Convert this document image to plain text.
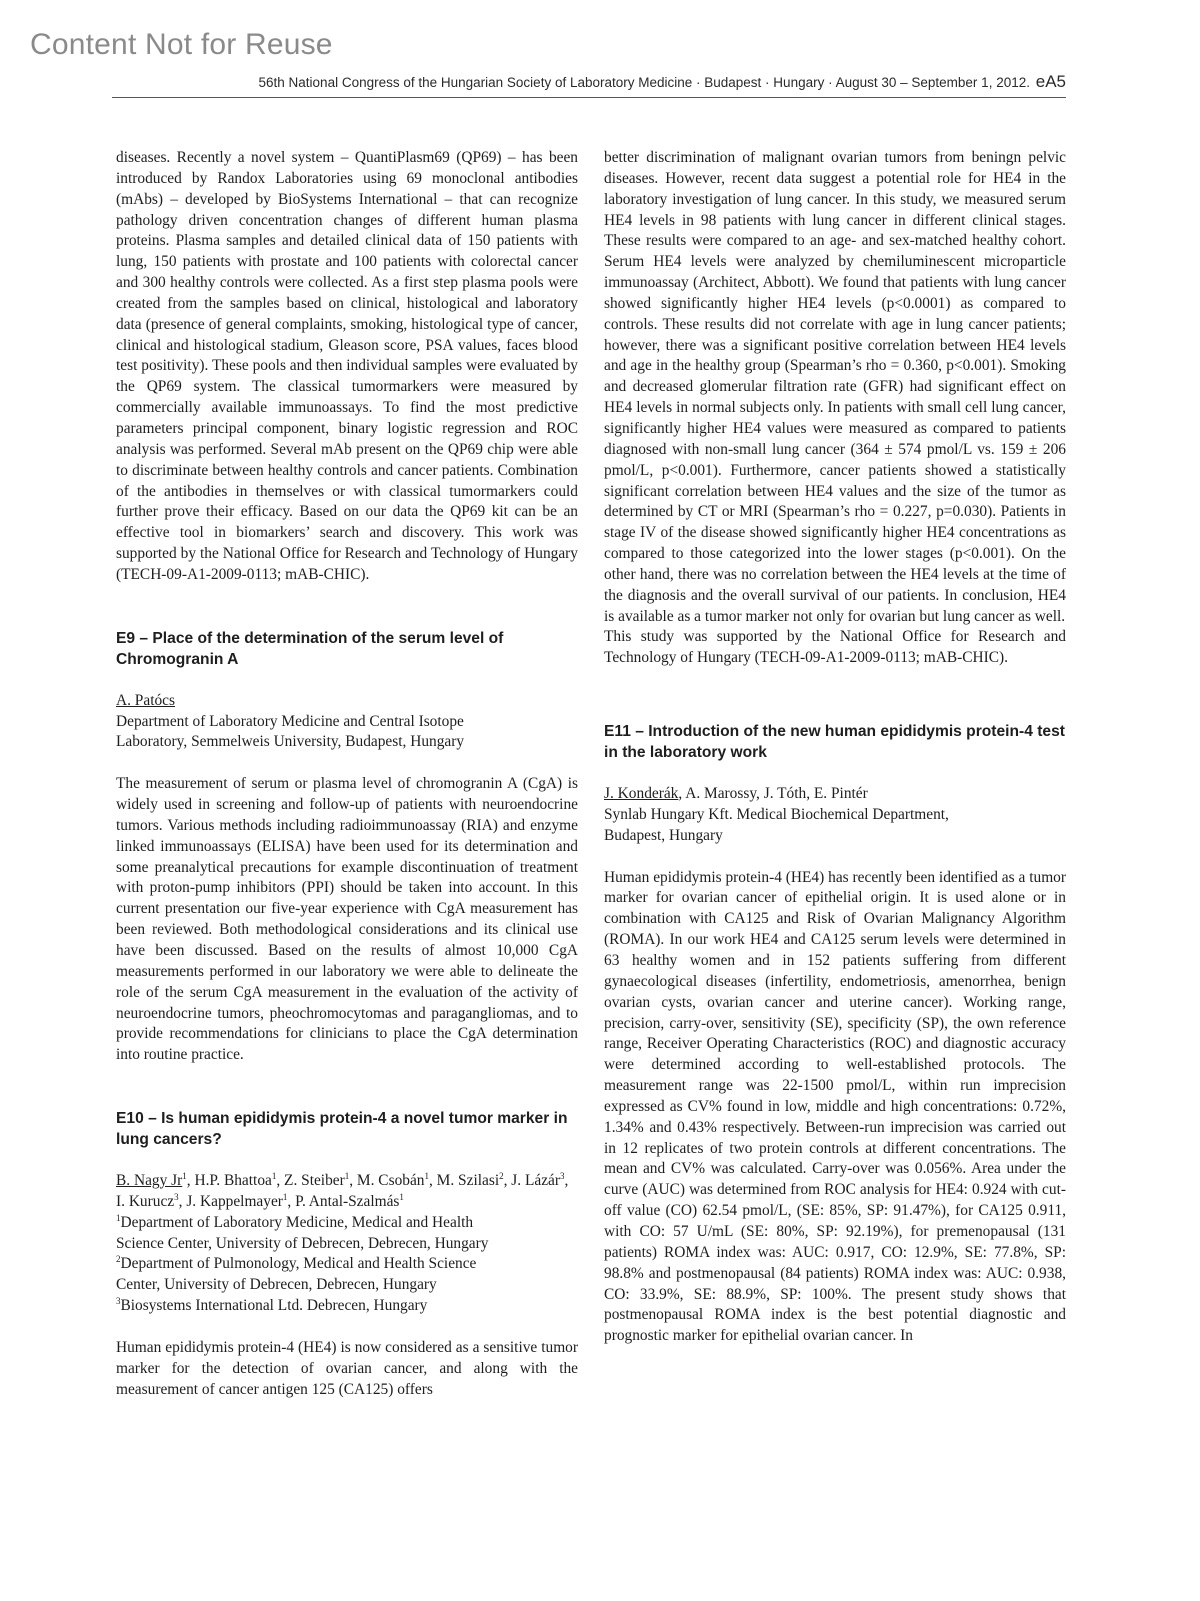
Content Not for Reuse
56th National Congress of the Hungarian Society of Laboratory Medicine · Budapest · Hungary · August 30 – September 1, 2012. eA5

diseases. Recently a novel system – QuantiPlasm69 (QP69) – has been introduced by Randox Laboratories using 69 monoclonal antibodies (mAbs) – developed by BioSystems International – that can recognize pathology driven concentration changes of different human plasma proteins. Plasma samples and detailed clinical data of 150 patients with lung, 150 patients with prostate and 100 patients with colorectal cancer and 300 healthy controls were collected. As a first step plasma pools were created from the samples based on clinical, histological and laboratory data (presence of general complaints, smoking, histological type of cancer, clinical and histological stadium, Gleason score, PSA values, faces blood test positivity). These pools and then individual samples were evaluated by the QP69 system. The classical tumormarkers were measured by commercially available immunoassays. To find the most predictive parameters principal component, binary logistic regression and ROC analysis was performed. Several mAb present on the QP69 chip were able to discriminate between healthy controls and cancer patients. Combination of the antibodies in themselves or with classical tumormarkers could further prove their efficacy. Based on our data the QP69 kit can be an effective tool in biomarkers’ search and discovery. This work was supported by the National Office for Research and Technology of Hungary (TECH-09-A1-2009-0113; mAB-CHIC).

E9 – Place of the determination of the serum level of Chromogranin A

A. Patócs

Department of Laboratory Medicine and Central Isotope

Laboratory, Semmelweis University, Budapest, Hungary

The measurement of serum or plasma level of chromogranin A (CgA) is widely used in screening and follow-up of patients with neuroendocrine tumors. Various methods including radioimmunoassay (RIA) and enzyme linked immunoassays (ELISA) have been used for its determination and some preanalytical precautions for example discontinuation of treatment with proton-pump inhibitors (PPI) should be taken into account. In this current presentation our five-year experience with CgA measurement has been reviewed. Both methodological considerations and its clinical use have been discussed. Based on the results of almost 10,000 CgA measurements performed in our laboratory we were able to delineate the role of the serum CgA measurement in the evaluation of the activity of neuroendocrine tumors, pheochromocytomas and paragangliomas, and to provide recommendations for clinicians to place the CgA determination into routine practice.

E10 – Is human epididymis protein-4 a novel tumor marker in lung cancers?

B. Nagy Jr$^1$, H.P. Bhattoa$^1$, Z. Steiber$^1$, M. Csobán$^1$, M. Szilasi$^2$, J. Lázár$^3$, I. Kurucz$^3$, J. Kappelmayer$^1$, P. Antal-Szalmás$^1$

$^1$Department of Laboratory Medicine, Medical and Health

Science Center, University of Debrecen, Debrecen, Hungary

$^2$Department of Pulmonology, Medical and Health Science

Center, University of Debrecen, Debrecen, Hungary

$^3$Biosystems International Ltd. Debrecen, Hungary

Human epididymis protein-4 (HE4) is now considered as a sensitive tumor marker for the detection of ovarian cancer, and along with the measurement of cancer antigen 125 (CA125) offers

better discrimination of malignant ovarian tumors from beningn pelvic diseases. However, recent data suggest a potential role for HE4 in the laboratory investigation of lung cancer. In this study, we measured serum HE4 levels in 98 patients with lung cancer in different clinical stages. These results were compared to an age- and sex-matched healthy cohort. Serum HE4 levels were analyzed by chemiluminescent microparticle immunoassay (Architect, Abbott). We found that patients with lung cancer showed significantly higher HE4 levels (p<0.0001) as compared to controls. These results did not correlate with age in lung cancer patients; however, there was a significant positive correlation between HE4 levels and age in the healthy group (Spearman’s rho = 0.360, p<0.001). Smoking and decreased glomerular filtration rate (GFR) had significant effect on HE4 levels in normal subjects only. In patients with small cell lung cancer, significantly higher HE4 values were measured as compared to patients diagnosed with non-small lung cancer (364 ± 574 pmol/L vs. 159 ± 206 pmol/L, p<0.001). Furthermore, cancer patients showed a statistically significant correlation between HE4 values and the size of the tumor as determined by CT or MRI (Spearman’s rho = 0.227, p=0.030). Patients in stage IV of the disease showed significantly higher HE4 concentrations as compared to those categorized into the lower stages (p<0.001). On the other hand, there was no correlation between the HE4 levels at the time of the diagnosis and the overall survival of our patients. In conclusion, HE4 is available as a tumor marker not only for ovarian but lung cancer as well.

This study was supported by the National Office for Research and Technology of Hungary (TECH-09-A1-2009-0113; mAB-CHIC).

E11 – Introduction of the new human epididymis protein-4 test in the laboratory work

J. Konderák, A. Marossy, J. Tóth, E. Pintér

Synlab Hungary Kft. Medical Biochemical Department,

Budapest, Hungary

Human epididymis protein-4 (HE4) has recently been identified as a tumor marker for ovarian cancer of epithelial origin. It is used alone or in combination with CA125 and Risk of Ovarian Malignancy Algorithm (ROMA). In our work HE4 and CA125 serum levels were determined in 63 healthy women and in 152 patients suffering from different gynaecological diseases (infertility, endometriosis, amenorrhea, benign ovarian cysts, ovarian cancer and uterine cancer). Working range, precision, carry-over, sensitivity (SE), specificity (SP), the own reference range, Receiver Operating Characteristics (ROC) and diagnostic accuracy were determined according to well-established protocols. The measurement range was 22-1500 pmol/L, within run imprecision expressed as CV% found in low, middle and high concentrations: 0.72%, 1.34% and 0.43% respectively. Between-run imprecision was carried out in 12 replicates of two protein controls at different concentrations. The mean and CV% was calculated. Carry-over was 0.056%. Area under the curve (AUC) was determined from ROC analysis for HE4: 0.924 with cut-off value (CO) 62.54 pmol/L, (SE: 85%, SP: 91.47%), for CA125 0.911, with CO: 57 U/mL (SE: 80%, SP: 92.19%), for premenopausal (131 patients) ROMA index was: AUC: 0.917, CO: 12.9%, SE: 77.8%, SP: 98.8% and postmenopausal (84 patients) ROMA index was: AUC: 0.938, CO: 33.9%, SE: 88.9%, SP: 100%. The present study shows that postmenopausal ROMA index is the best potential diagnostic and prognostic marker for epithelial ovarian cancer. In
